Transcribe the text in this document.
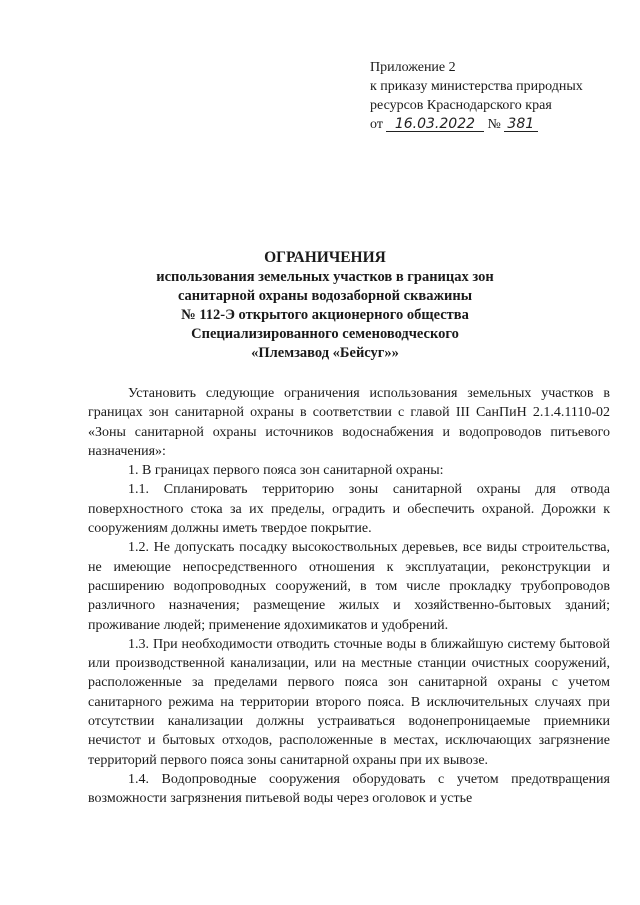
Приложение 2
к приказу министерства природных
ресурсов Краснодарского края
от 16.03.2022 № 381
ОГРАНИЧЕНИЯ
использования земельных участков в границах зон
санитарной охраны водозаборной скважины
№ 112-Э открытого акционерного общества
Специализированного семеноводческого
«Племзавод «Бейсуг»»

Установить следующие ограничения использования земельных участков в границах зон санитарной охраны в соответствии с главой III СанПиН 2.1.4.1110-02 «Зоны санитарной охраны источников водоснабжения и водопроводов питьевого назначения»:

1. В границах первого пояса зон санитарной охраны:

1.1. Спланировать территорию зоны санитарной охраны для отвода поверхностного стока за их пределы, оградить и обеспечить охраной. Дорожки к сооружениям должны иметь твердое покрытие.

1.2. Не допускать посадку высокоствольных деревьев, все виды строительства, не имеющие непосредственного отношения к эксплуатации, реконструкции и расширению водопроводных сооружений, в том числе прокладку трубопроводов различного назначения; размещение жилых и хозяйственно-бытовых зданий; проживание людей; применение ядохимикатов и удобрений.

1.3. При необходимости отводить сточные воды в ближайшую систему бытовой или производственной канализации, или на местные станции очистных сооружений, расположенные за пределами первого пояса зон санитарной охраны с учетом санитарного режима на территории второго пояса. В исключительных случаях при отсутствии канализации должны устраиваться водонепроницаемые приемники нечистот и бытовых отходов, расположенные в местах, исключающих загрязнение территорий первого пояса зоны санитарной охраны при их вывозе.

1.4. Водопроводные сооружения оборудовать с учетом предотвращения возможности загрязнения питьевой воды через оголовок и устье
